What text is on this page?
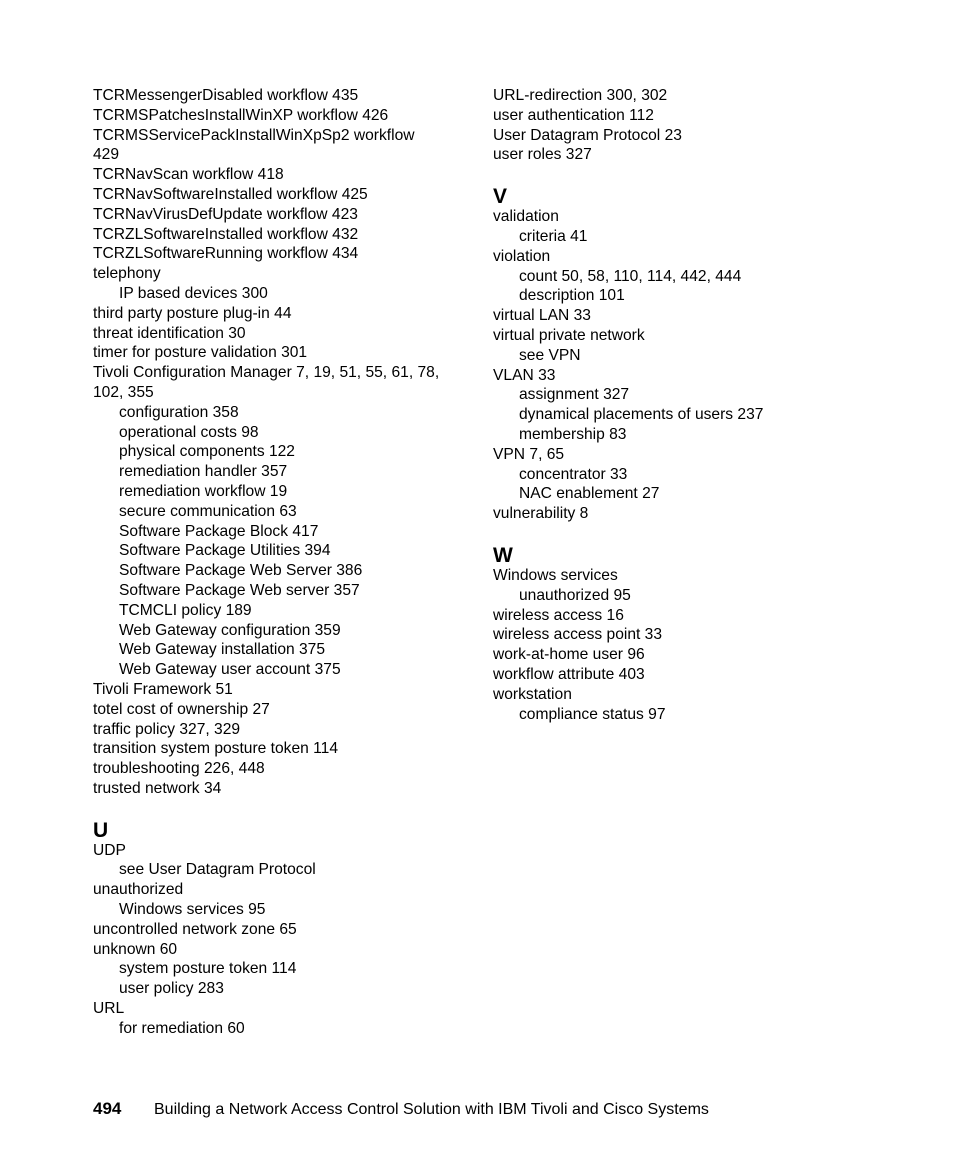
TCRMessengerDisabled workflow 435
TCRMSPatchesInstallWinXP workflow 426
TCRMSServicePackInstallWinXpSp2 workflow
429
TCRNavScan workflow 418
TCRNavSoftwareInstalled workflow 425
TCRNavVirusDefUpdate workflow 423
TCRZLSoftwareInstalled workflow 432
TCRZLSoftwareRunning workflow 434
telephony
IP based devices 300
third party posture plug-in 44
threat identification 30
timer for posture validation 301
Tivoli Configuration Manager 7, 19, 51, 55, 61, 78,
102, 355
configuration 358
operational costs 98
physical components 122
remediation handler 357
remediation workflow 19
secure communication 63
Software Package Block 417
Software Package Utilities 394
Software Package Web Server 386
Software Package Web server 357
TCMCLI policy 189
Web Gateway configuration 359
Web Gateway installation 375
Web Gateway user account 375
Tivoli Framework 51
totel cost of ownership 27
traffic policy 327, 329
transition system posture token 114
troubleshooting 226, 448
trusted network 34
U
UDP
see User Datagram Protocol
unauthorized
Windows services 95
uncontrolled network zone 65
unknown 60
system posture token 114
user policy 283
URL
for remediation 60
URL-redirection 300, 302
user authentication 112
User Datagram Protocol 23
user roles 327
V
validation
criteria 41
violation
count 50, 58, 110, 114, 442, 444
description 101
virtual LAN 33
virtual private network
see VPN
VLAN 33
assignment 327
dynamical placements of users 237
membership 83
VPN 7, 65
concentrator 33
NAC enablement 27
vulnerability 8
W
Windows services
unauthorized 95
wireless access 16
wireless access point 33
work-at-home user 96
workflow attribute 403
workstation
compliance status 97
494 Building a Network Access Control Solution with IBM Tivoli and Cisco Systems
